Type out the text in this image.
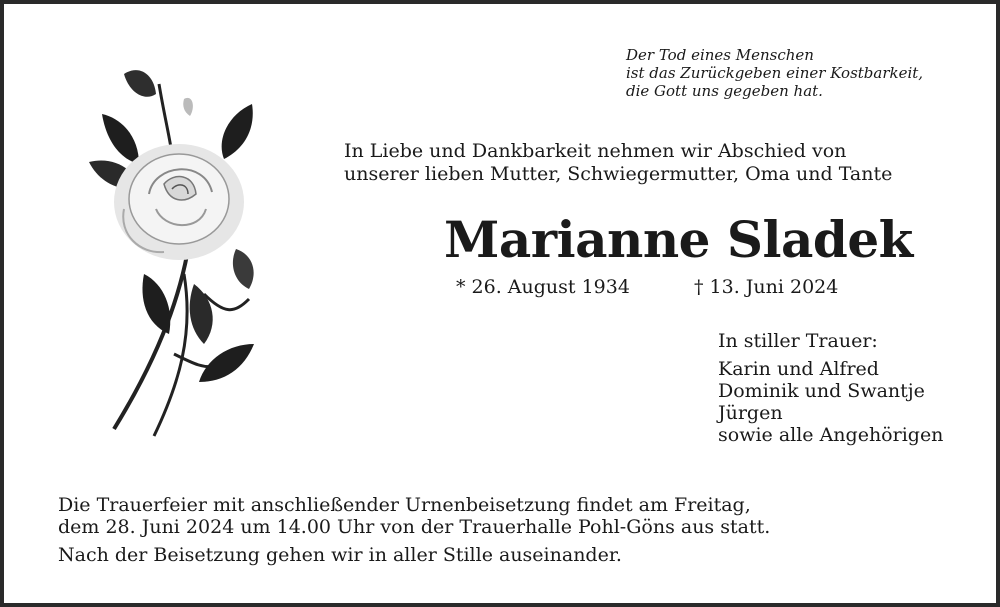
Der Tod eines Menschen
ist das Zurückgeben einer Kostbarkeit,
die Gott uns gegeben hat.
In Liebe und Dankbarkeit nehmen wir Abschied von
unserer lieben Mutter, Schwiegermutter, Oma und Tante
Marianne Sladek
* 26. August 1934	† 13. Juni 2024
In stiller Trauer:
Karin und Alfred
Dominik und Swantje
Jürgen
sowie alle Angehörigen
Die Trauerfeier mit anschließender Urnenbeisetzung findet am Freitag,
dem 28. Juni 2024 um 14.00 Uhr von der Trauerhalle Pohl-Göns aus statt.
Nach der Beisetzung gehen wir in aller Stille auseinander.
